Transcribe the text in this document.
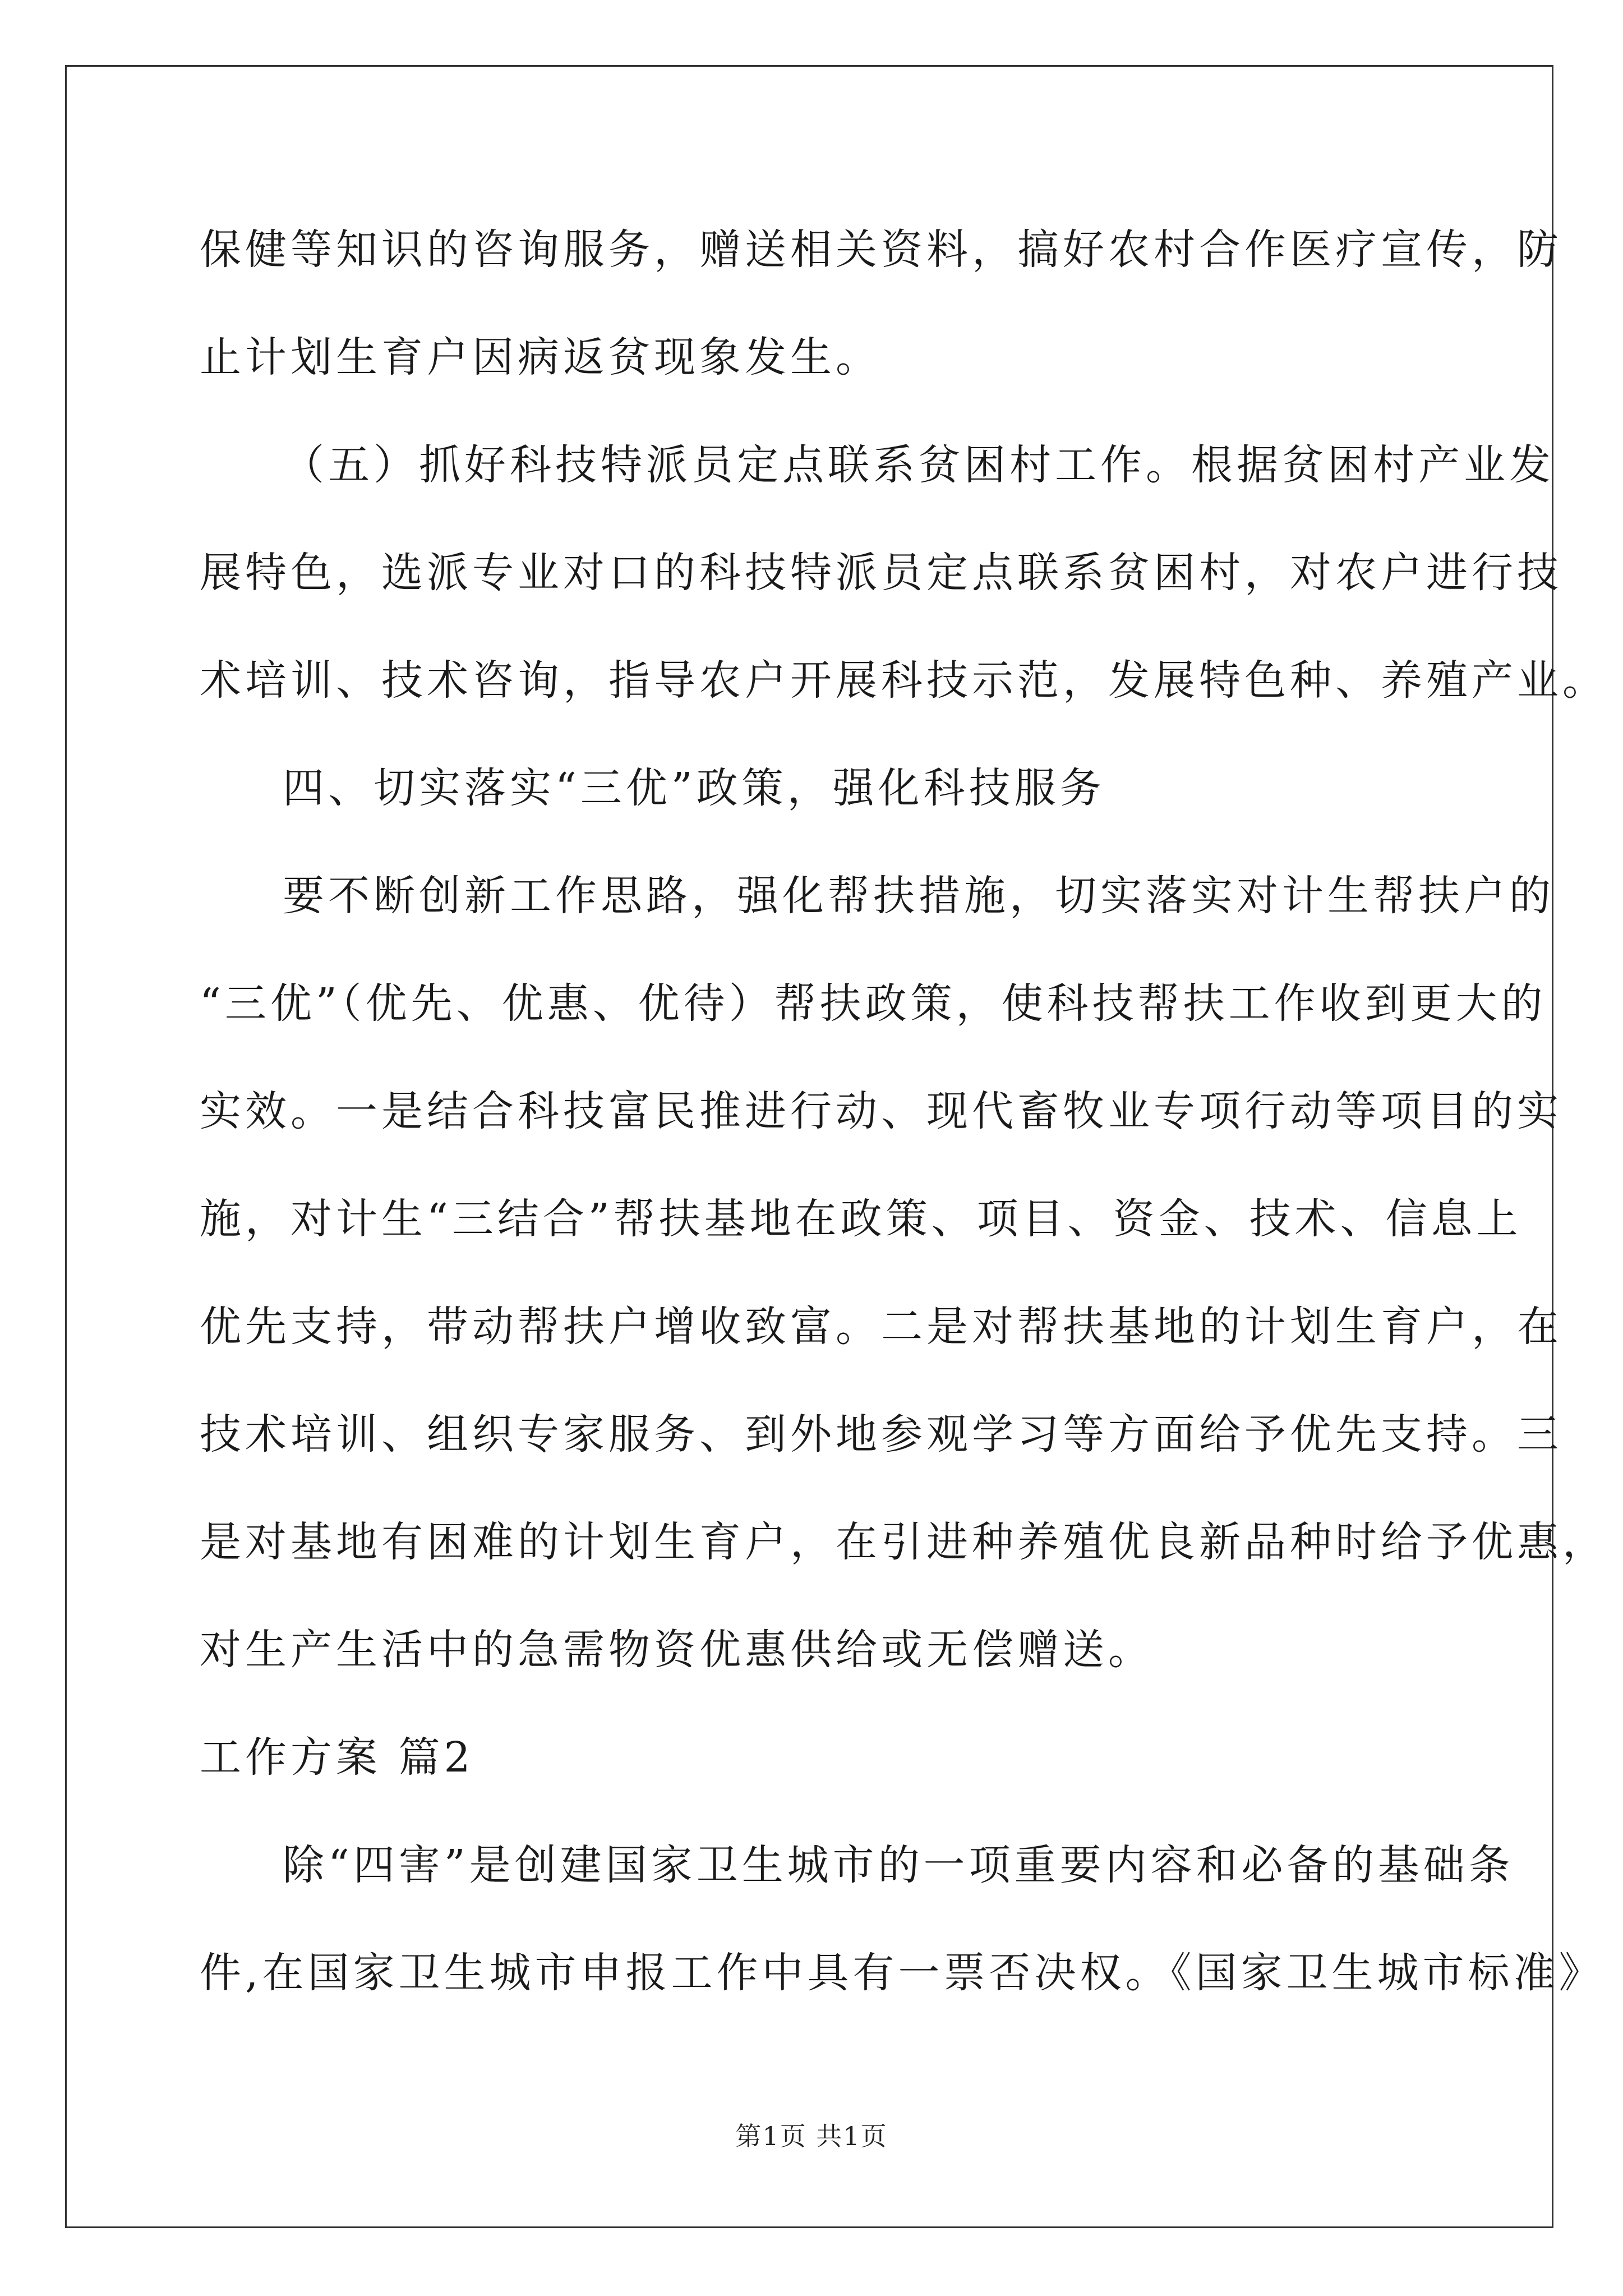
保健等知识的咨询服务，赠送相关资料，搞好农村合作医疗宣传，防
止计划生育户因病返贫现象发生。
（五）抓好科技特派员定点联系贫困村工作。根据贫困村产业发
展特色，选派专业对口的科技特派员定点联系贫困村，对农户进行技
术培训、技术咨询，指导农户开展科技示范，发展特色种、养殖产业。
四、切实落实“三优”政策，强化科技服务
要不断创新工作思路，强化帮扶措施，切实落实对计生帮扶户的
“三优”（优先、优惠、优待）帮扶政策，使科技帮扶工作收到更大的
实效。一是结合科技富民推进行动、现代畜牧业专项行动等项目的实
施，对计生“三结合”帮扶基地在政策、项目、资金、技术、信息上
优先支持，带动帮扶户增收致富。二是对帮扶基地的计划生育户，在
技术培训、组织专家服务、到外地参观学习等方面给予优先支持。三
是对基地有困难的计划生育户，在引进种养殖优良新品种时给予优惠，
对生产生活中的急需物资优惠供给或无偿赠送。
工作方案 篇2
除“四害”是创建国家卫生城市的一项重要内容和必备的基础条
件,在国家卫生城市申报工作中具有一票否决权。《国家卫生城市标准》
第1页 共1页
